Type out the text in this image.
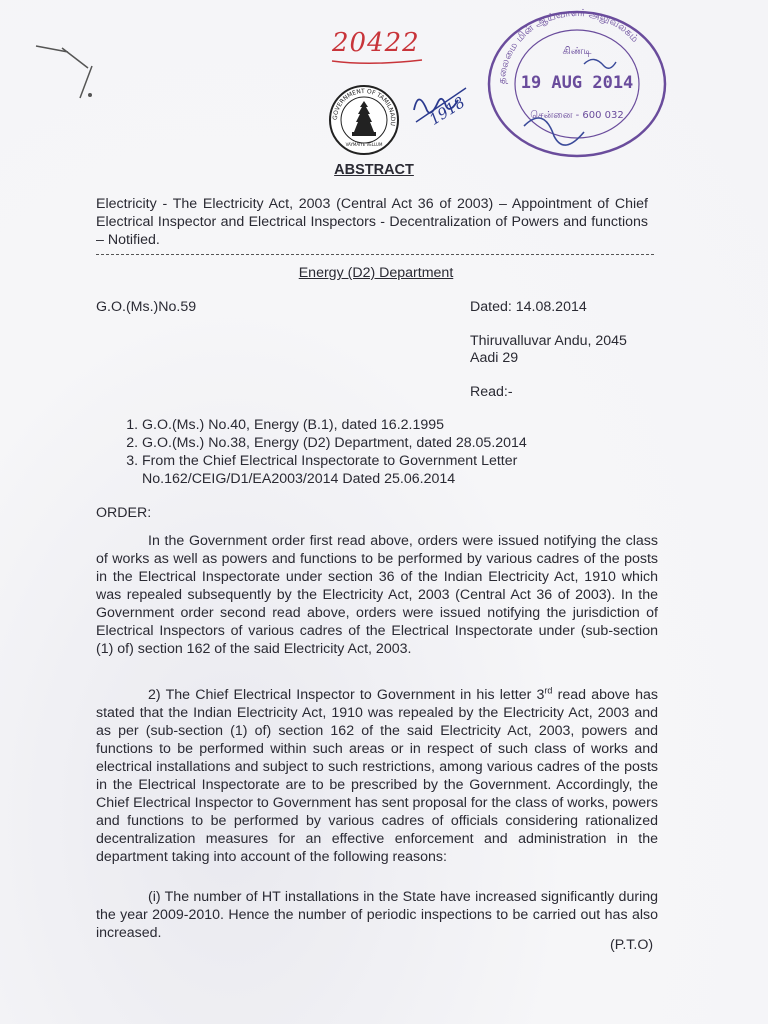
20422
GOVERNMENT OF TAMILNADU
VAYMAIYE VELLUM
1918
தலைமை மின் ஆய்வாளர் அலுவலகம்
கிண்டி
19 AUG 2014
சென்னை - 600 032
ABSTRACT
Electricity - The Electricity Act, 2003 (Central Act 36 of 2003) – Appointment of Chief Electrical Inspector and Electrical Inspectors - Decentralization of Powers and functions – Notified.
Energy (D2) Department
G.O.(Ms.)No.59	Dated: 14.08.2014
Thiruvalluvar Andu, 2045
Aadi 29
Read:-
1. G.O.(Ms.) No.40, Energy (B.1), dated 16.2.1995
2. G.O.(Ms.) No.38, Energy (D2) Department, dated 28.05.2014
3. From the Chief Electrical Inspectorate to Government Letter No.162/CEIG/D1/EA2003/2014 Dated 25.06.2014
ORDER:
In the Government order first read above, orders were issued notifying the class of works as well as powers and functions to be performed by various cadres of the posts in the Electrical Inspectorate under section 36 of the Indian Electricity Act, 1910 which was repealed subsequently by the Electricity Act, 2003 (Central Act 36 of 2003). In the Government order second read above, orders were issued notifying the jurisdiction of Electrical Inspectors of various cadres of the Electrical Inspectorate under (sub-section (1) of) section 162 of the said Electricity Act, 2003.
2) The Chief Electrical Inspector to Government in his letter 3rd read above has stated that the Indian Electricity Act, 1910 was repealed by the Electricity Act, 2003 and as per (sub-section (1) of) section 162 of the said Electricity Act, 2003, powers and functions to be performed within such areas or in respect of such class of works and electrical installations and subject to such restrictions, among various cadres of the posts in the Electrical Inspectorate are to be prescribed by the Government. Accordingly, the Chief Electrical Inspector to Government has sent proposal for the class of works, powers and functions to be performed by various cadres of officials considering rationalized decentralization measures for an effective enforcement and administration in the department taking into account of the following reasons:
(i) The number of HT installations in the State have increased significantly during the year 2009-2010. Hence the number of periodic inspections to be carried out has also increased.
(P.T.O)
